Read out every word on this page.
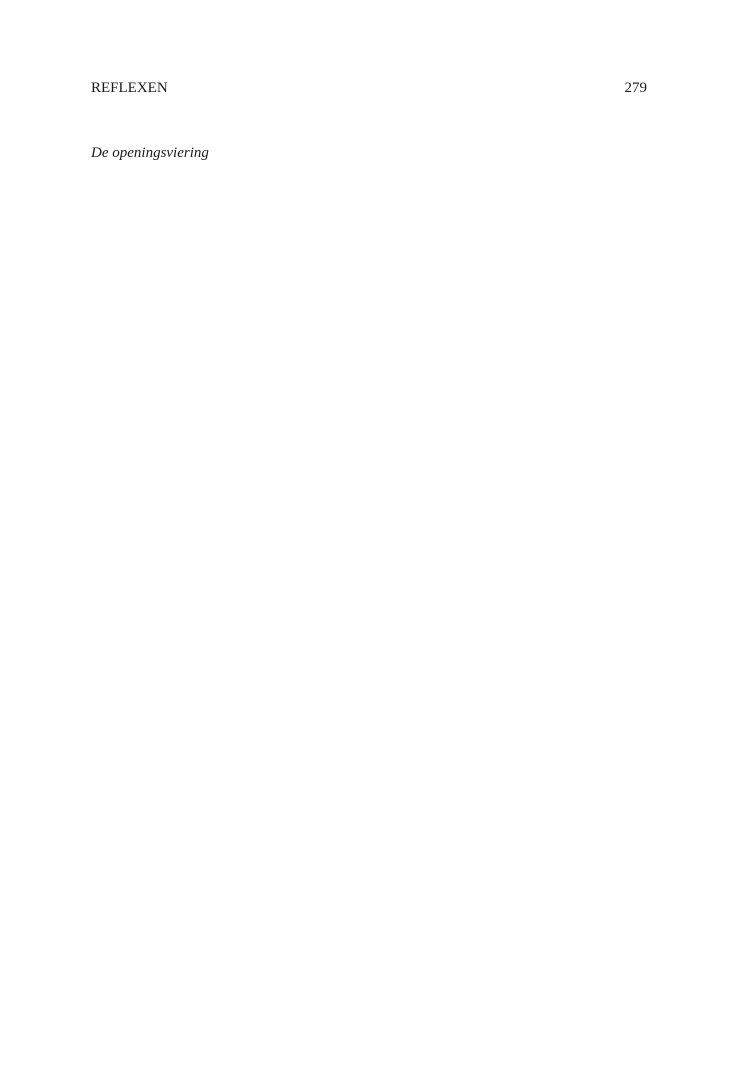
REFLEXEN	279
De openingsviering
